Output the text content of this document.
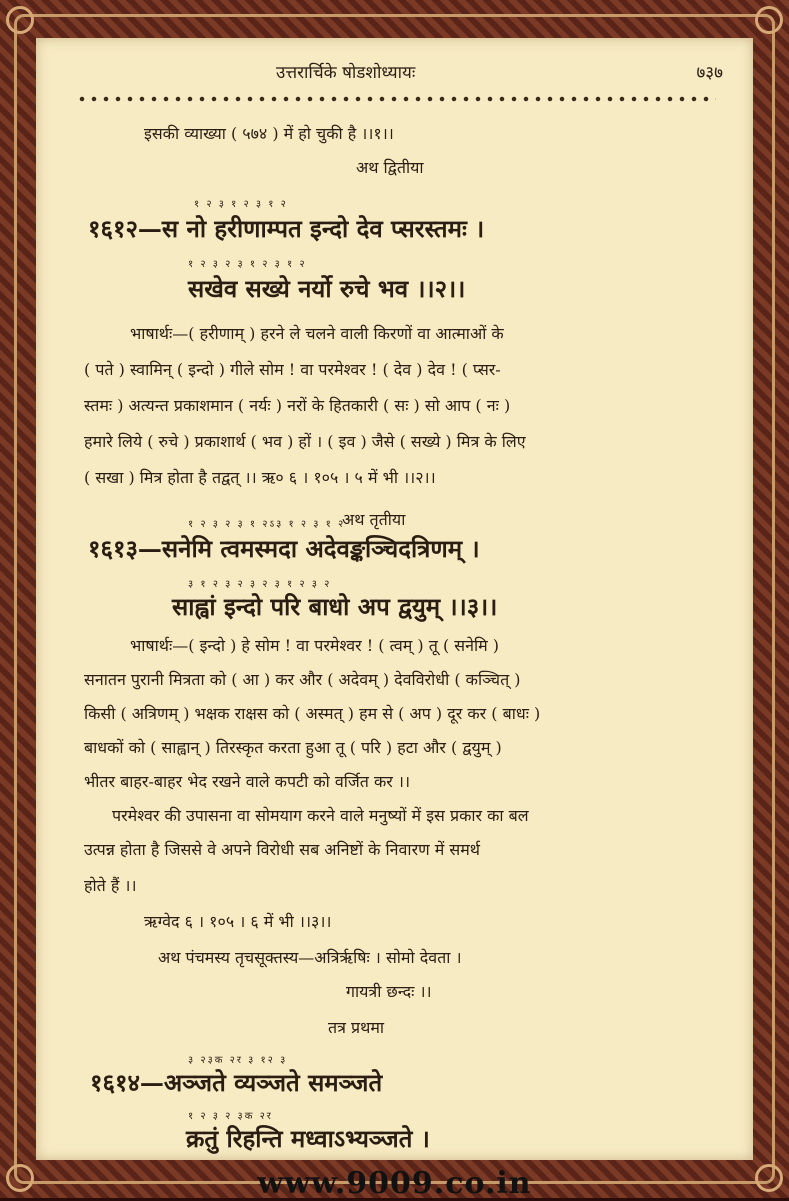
उत्तरार्चिके षोडशोध्यायः	७३७
इसकी व्याख्या ( ५७४ ) में हो चुकी है ।।१।।
अथ द्वितीया
१ २ ३ १ २ ३ १ २
१६१२—स नो हरीणाम्पत इन्दो देव प्सरस्तमः ।
१ २ ३ २ ३ १ २ ३ १ २
सखेव सख्ये नर्यो रुचे भव ।।२।।
भाषार्थः—( हरीणाम् ) हरने ले चलने वाली किरणों वा आत्माओं के
( पते ) स्वामिन् ( इन्दो ) गीले सोम ! वा परमेश्वर ! ( देव ) देव ! ( प्सर-
स्तमः ) अत्यन्त प्रकाशमान ( नर्यः ) नरों के हितकारी ( सः ) सो आप ( नः )
हमारे लिये ( रुचे ) प्रकाशार्थ ( भव ) हों । ( इव ) जैसे ( सख्ये ) मित्र के लिए
( सखा ) मित्र होता है तद्वत् ।। ऋ० ६ । १०५ । ५ में भी ।।२।।
अथ तृतीया
१ २ ३ २ ३ १ २ऽ३ १ २ ३ १ २
१६१३—सनेमि त्वमस्मदा अदेवङ्कञ्चिदत्रिणम् ।
३ १ २ ३ २ ३ २ ३ १ २ ३ २
साह्वां इन्दो परि बाधो अप द्वयुम् ।।३।।
भाषार्थः—( इन्दो ) हे सोम ! वा परमेश्वर ! ( त्वम् ) तू ( सनेमि )
सनातन पुरानी मित्रता को ( आ ) कर और ( अदेवम् ) देवविरोधी ( कञ्चित् )
किसी ( अत्रिणम् ) भक्षक राक्षस को ( अस्मत् ) हम से ( अप ) दूर कर ( बाधः )
बाधकों को ( साह्वान् ) तिरस्कृत करता हुआ तू ( परि ) हटा और ( द्वयुम् )
भीतर बाहर-बाहर भेद रखने वाले कपटी को वर्जित कर ।।
परमेश्वर की उपासना वा सोमयाग करने वाले मनुष्यों में इस प्रकार का बल
उत्पन्न होता है जिससे वे अपने विरोधी सब अनिष्टों के निवारण में समर्थ
होते हैं ।।
ऋग्वेद ६ । १०५ । ६ में भी ।।३।।
अथ पंचमस्य तृचसूक्तस्य—अत्रिर्ऋषिः । सोमो देवता ।
गायत्री छन्दः ।।
तत्र प्रथमा
३ २३क २र ३ १२ ३
१६१४—अञ्जते व्यञ्जते समञ्जते
१ २ ३ २ ३क २र
क्रतुं रिहन्ति मध्वाऽभ्यञ्जते ।
www.9009.co.in
